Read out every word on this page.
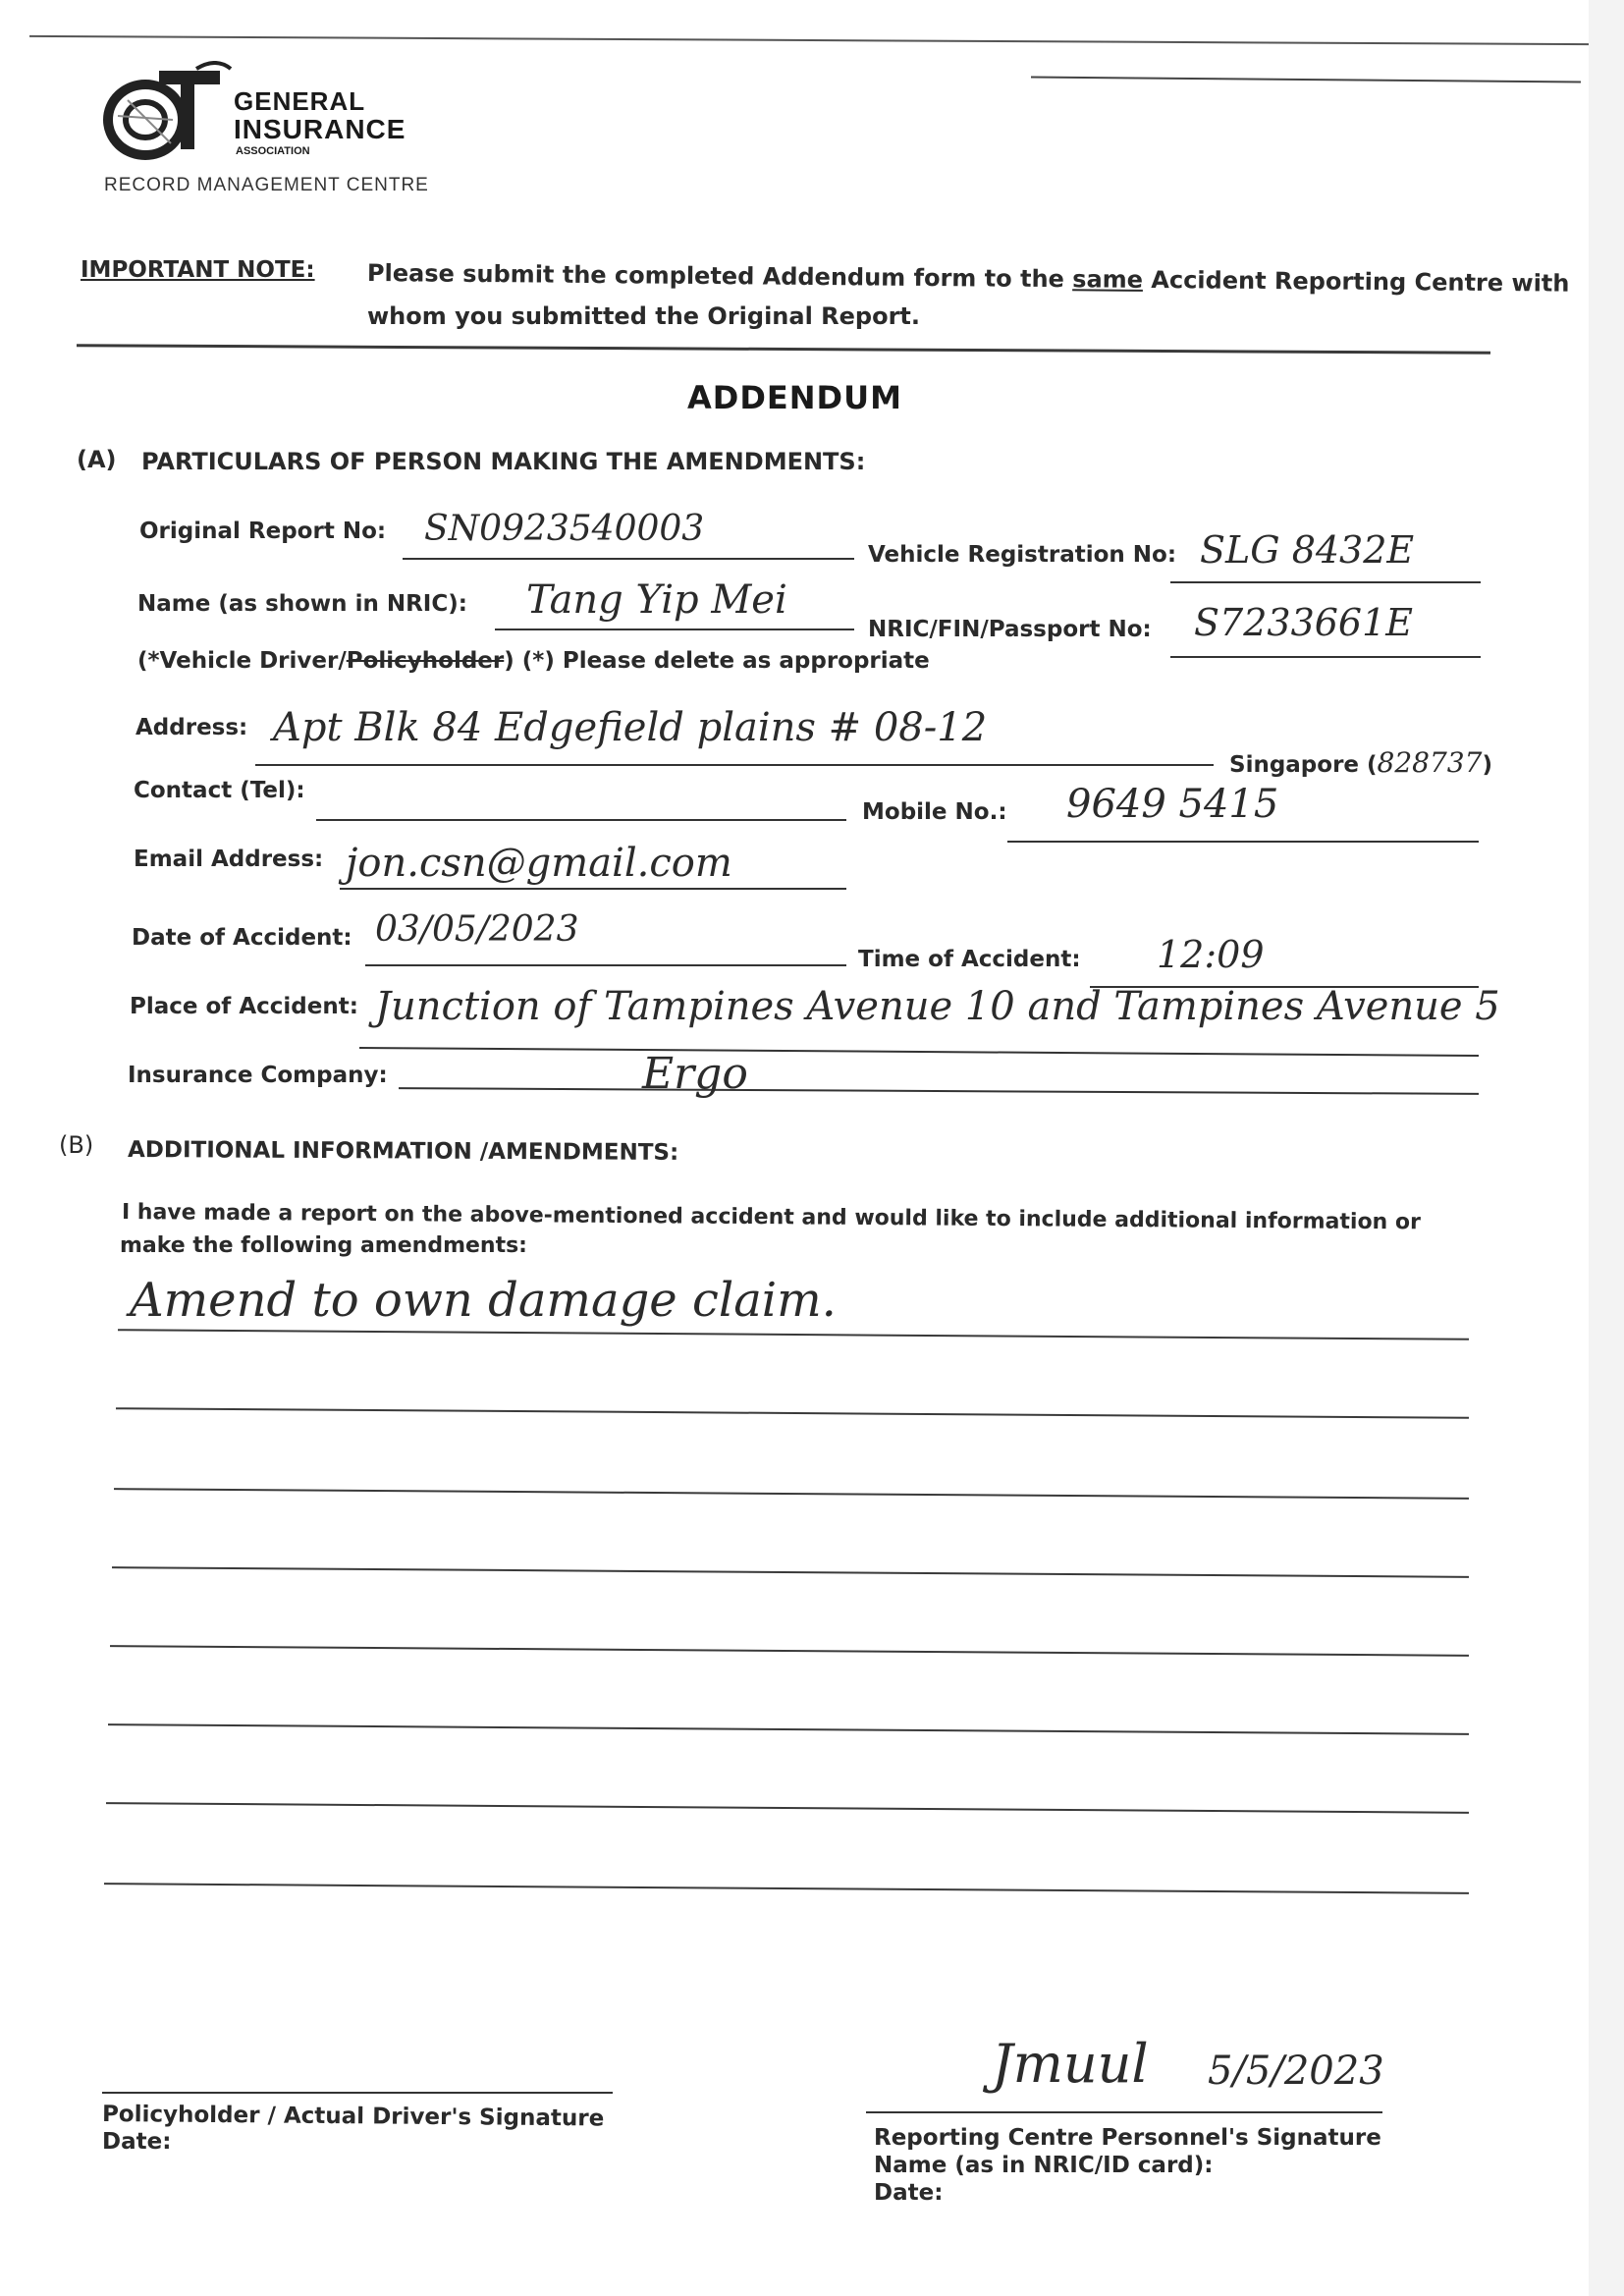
GENERAL
INSURANCE
ASSOCIATION
RECORD MANAGEMENT CENTRE
IMPORTANT NOTE: Please submit the completed Addendum form to the same Accident Reporting Centre with
whom you submitted the Original Report.
ADDENDUM
(A) PARTICULARS OF PERSON MAKING THE AMENDMENTS:
Original Report No: SN0923540003
Vehicle Registration No: SLG 8432E
Name (as shown in NRIC): Tang Yip Mei
NRIC/FIN/Passport No: S7233661E
(*Vehicle Driver/Policyholder) (*) Please delete as appropriate
Address: Apt Blk 84 Edgefield plains # 08-12
Singapore (828737)
Contact (Tel):
Mobile No.: 9649 5415
Email Address: jon.csn@gmail.com
Date of Accident: 03/05/2023
Time of Accident: 12:09
Place of Accident: Junction of Tampines Avenue 10 and Tampines Avenue 5
Insurance Company:	Ergo
(B) ADDITIONAL INFORMATION /AMENDMENTS:
I have made a report on the above-mentioned accident and would like to include additional information or
make the following amendments:
Amend to own damage claim.
Policyholder / Actual Driver's Signature
Date:
Jmuul 5/5/2023
Reporting Centre Personnel's Signature
Name (as in NRIC/ID card):
Date:
